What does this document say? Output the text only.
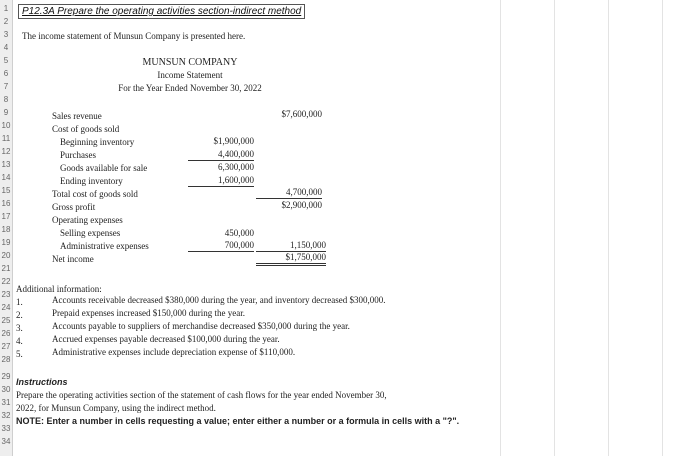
1
2
3
4
5
6
7
8
9
10
11
12
13
14
15
16
17
18
19
20
21
22
23
24
25
26
27
28
29
30
31
32
33
34
P12.3A Prepare the operating activities section-indirect method
The income statement of Munsun Company is presented here.
MUNSUN COMPANY
Income Statement
For the Year Ended November 30, 2022
Sales revenue	$7,600,000
Cost of goods sold
Beginning inventory	$1,900,000
Purchases	4,400,000
Goods available for sale	6,300,000
Ending inventory	1,600,000
Total cost of goods sold	4,700,000
Gross profit	$2,900,000
Operating expenses
Selling expenses	450,000
Administrative expenses	700,000	1,150,000
Net income	$1,750,000
Additional information:
1.	Accounts receivable decreased $380,000 during the year, and inventory decreased $300,000.
2.	Prepaid expenses increased $150,000 during the year.
3.	Accounts payable to suppliers of merchandise decreased $350,000 during the year.
4.	Accrued expenses payable decreased $100,000 during the year.
5.	Administrative expenses include depreciation expense of $110,000.
Instructions
Prepare the operating activities section of the statement of cash flows for the year ended November 30,
2022, for Munsun Company, using the indirect method.
NOTE: Enter a number in cells requesting a value; enter either a number or a formula in cells with a "?".
